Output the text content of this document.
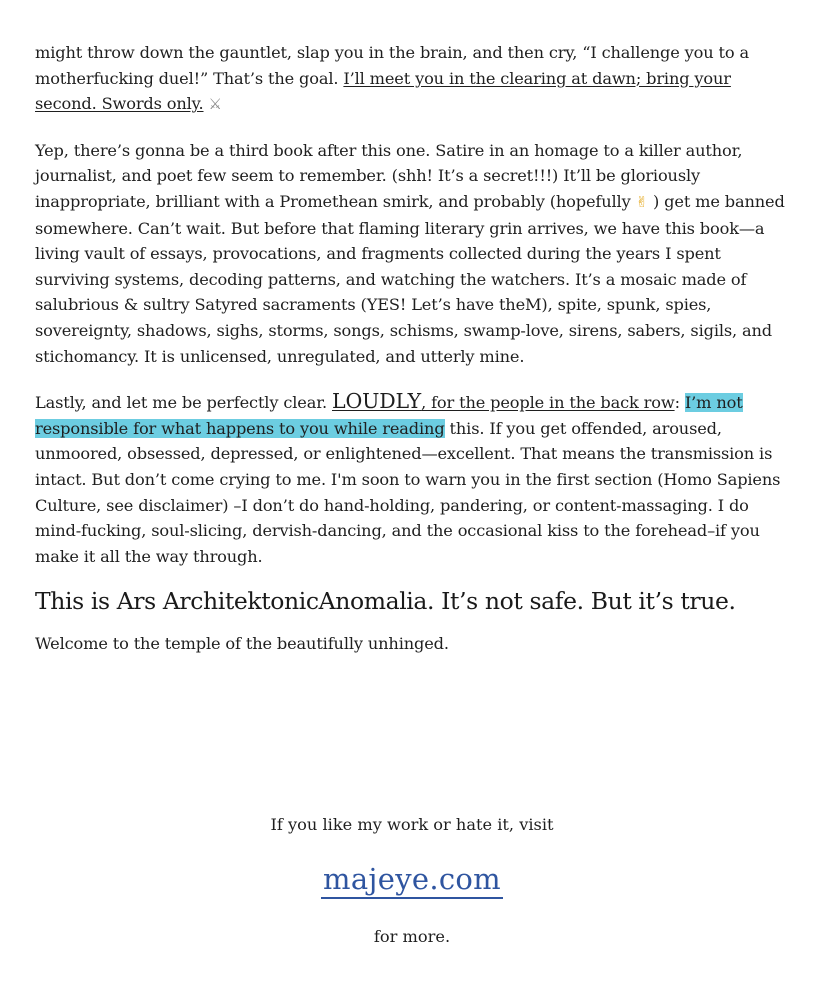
might throw down the gauntlet, slap you in the brain, and then cry, “I challenge you to a motherfucking duel!” That’s the goal. I’ll meet you in the clearing at dawn; bring your second. Swords only. ⚔

Yep, there’s gonna be a third book after this one. Satire in an homage to a killer author, journalist, and poet few seem to remember. (shh! It’s a secret!!!) It’ll be gloriously inappropriate, brilliant with a Promethean smirk, and probably (hopefully ✌ ) get me banned somewhere. Can’t wait. But before that flaming literary grin arrives, we have this book—a living vault of essays, provocations, and fragments collected during the years I spent surviving systems, decoding patterns, and watching the watchers. It’s a mosaic made of salubrious & sultry Satyred sacraments (YES! Let’s have theM), spite, spunk, spies, sovereignty, shadows, sighs, storms, songs, schisms, swamp-love, sirens, sabers, sigils, and stichomancy. It is unlicensed, unregulated, and utterly mine.

Lastly, and let me be perfectly clear. LOUDLY, for the people in the back row: I’m not responsible for what happens to you while reading this. If you get offended, aroused, unmoored, obsessed, depressed, or enlightened—excellent. That means the transmission is intact. But don’t come crying to me. I'm soon to warn you in the first section (Homo Sapiens Culture, see disclaimer) –I don’t do hand-holding, pandering, or content-massaging. I do mind-fucking, soul-slicing, dervish-dancing, and the occasional kiss to the forehead–if you make it all the way through.

This is Ars ArchitektonicAnomalia. It’s not safe. But it’s true.

Welcome to the temple of the beautifully unhinged.

If you like my work or hate it, visit
majeye.com
for more.
